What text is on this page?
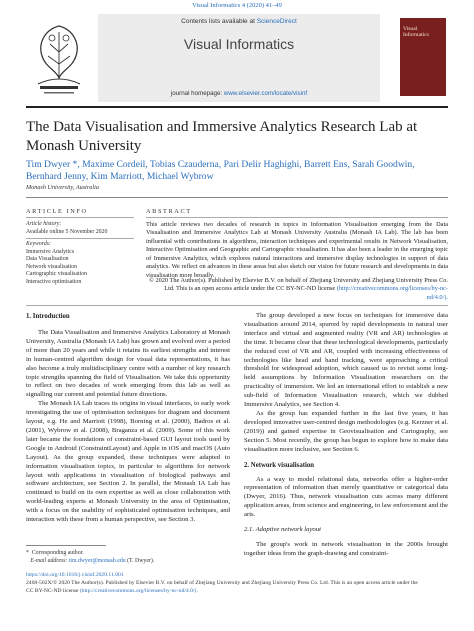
Visual Informatics 4 (2020) 41–49
Contents lists available at ScienceDirect
Visual Informatics
journal homepage: www.elsevier.com/locate/visinf
Visual Informatics
The Data Visualisation and Immersive Analytics Research Lab at Monash University
Tim Dwyer *, Maxime Cordeil, Tobias Czauderna, Pari Delir Haghighi, Barrett Ens, Sarah Goodwin, Bernhard Jenny, Kim Marriott, Michael Wybrow
Monash University, Australia
ARTICLE INFO	ABSTRACT
Article history:
Available online 5 November 2020
Keywords:
Immersive Analytics
Data Visualisation
Network visualisation
Cartographic visualisation
Interactive optimisation
This article reviews two decades of research in topics in Information Visualisation emerging from the Data Visualisation and Immersive Analytics Lab at Monash University Australia (Monash IA Lab). The lab has been influential with contributions in algorithms, interaction techniques and experimental results in Network Visualisation, Interactive Optimisation and Geographic and Cartographic visualisation. It has also been a leader in the emerging topic of Immersive Analytics, which explores natural interactions and immersive display technologies in support of data analytics. We reflect on advances in these areas but also sketch our vision for future research and developments in data visualisation more broadly.
© 2020 The Author(s). Published by Elsevier B.V. on behalf of Zhejiang University and Zhejiang University Press Co. Ltd. This is an open access article under the CC BY-NC-ND license (http://creativecommons.org/licenses/by-nc-nd/4.0/).
1. Introduction

The Data Visualisation and Immersive Analytics Laboratory at Monash University, Australia (Monash IA Lab) has grown and evolved over a period of more than 20 years and while it retains its earliest strengths and interest in human-centred algorithm design for visual data representations, it has also become a truly multidisciplinary centre with a number of key research topic strengths spanning the field of Visualisation. We take this opportunity to reflect on two decades of work emerging from this lab as well as signalling our current and potential future directions.

The Monash IA Lab traces its origins in visual interfaces, to early work investigating the use of optimisation techniques for diagram and document layout, e.g. He and Marriott (1998), Borning et al. (2000), Badros et al. (2001), Wybrow et al. (2008), Braganza et al. (2009). Some of this work later became the foundations of constraint-based GUI layout tools used by Google in Android (ConstraintLayout) and Apple in iOS and macOS (Auto Layout). As the group expanded, these techniques were adapted to information visualisation topics, in particular to algorithms for network layout with applications in visualisation of biological pathways and software architecture, see Section 2. In parallel, the Monash IA Lab has continued to build on its own expertise as well as close collaboration with world-leading experts at Monash University in the area of Optimisation, with a focus on the usability of sophisticated optimisation techniques, and interaction with these from a human perspective, see Section 3.

The group developed a new focus on techniques for immersive data visualisation around 2014, spurred by rapid developments in natural user interface and virtual and augmented reality (VR and AR) technologies at the time. It became clear that these technological developments, particularly the reduced cost of VR and AR, coupled with increasing effectiveness of technologies like head and hand tracking, were approaching a critical threshold for widespread adoption, which caused us to revisit some long-held assumptions by Information Visualisation researchers on the practicality of immersion. We led an international effort to establish a new sub-field of Information Visualisation research, which we dubbed Immersive Analytics, see Section 4.

As the group has expanded further in the last five years, it has developed innovative user-centred design methodologies (e.g. Kerzner et al. (2019)) and gained expertise in Geovisualisation and Cartography, see Section 5. Most recently, the group has begun to explore how to make data visualisation more inclusive, see Section 6.

2. Network visualisation

As a way to model relational data, networks offer a higher-order representation of information than merely quantitative or categorical data (Dwyer, 2016). Thus, network visualisation cuts across many different application areas, from science and engineering, to law enforcement and the arts.

2.1. Adaptive network layout

The group's work in network visualisation in the 2000s brought together ideas from the graph-drawing and constraint-

* Corresponding author.
E-mail address: tim.dwyer@monash.edu (T. Dwyer).
https://doi.org/10.1016/j.visinf.2020.11.001
2468-502X/© 2020 The Author(s). Published by Elsevier B.V. on behalf of Zhejiang University and Zhejiang University Press Co. Ltd. This is an open access article under the
CC BY-NC-ND license (http://creativecommons.org/licenses/by-nc-nd/4.0/).
